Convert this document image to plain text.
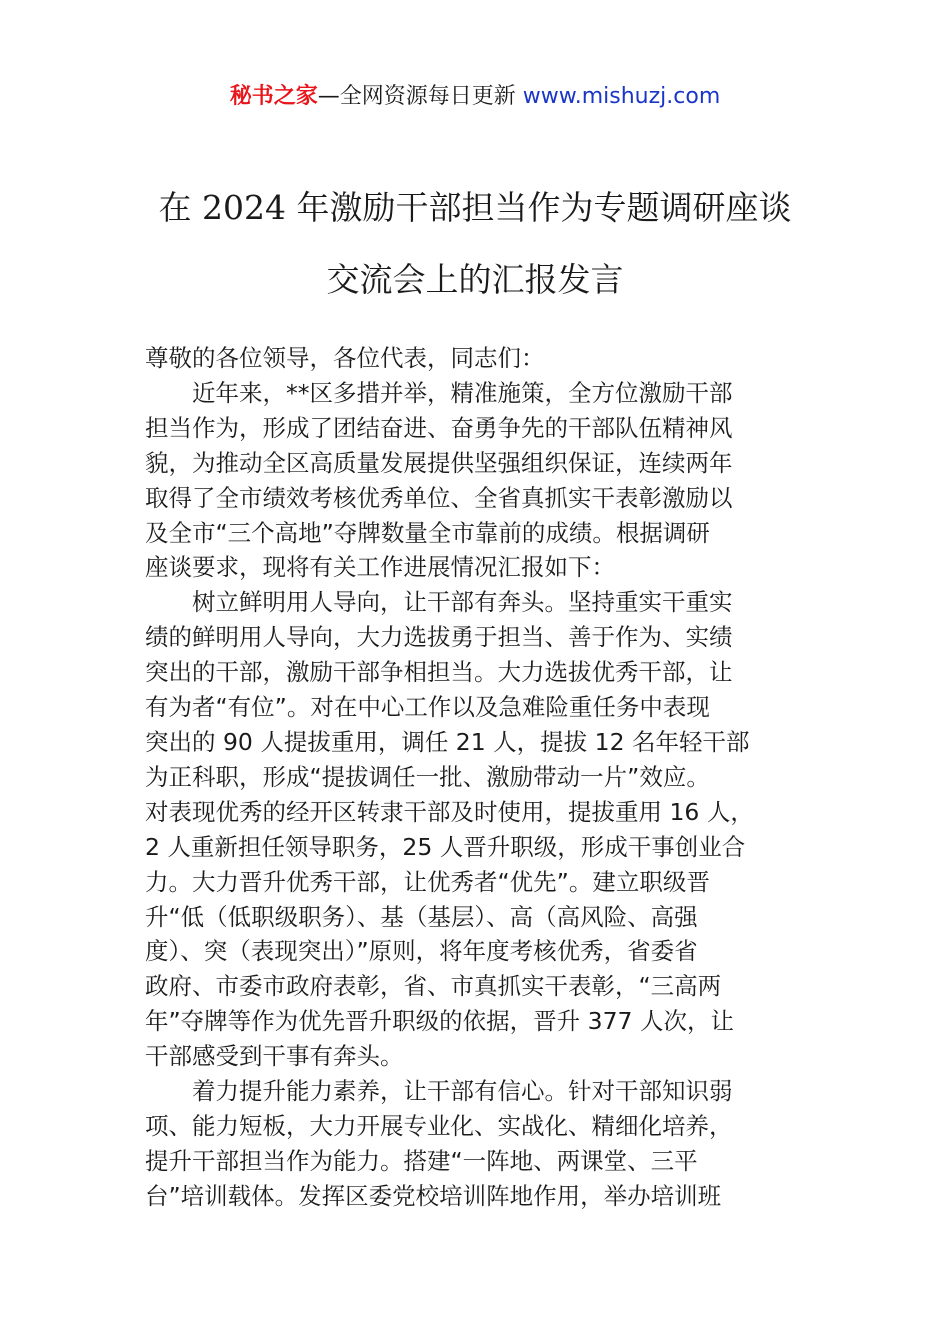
秘书之家—全网资源每日更新 www.mishuzj.com
在 2024 年激励干部担当作为专题调研座谈
交流会上的汇报发言
尊敬的各位领导，各位代表，同志们：
　　近年来，**区多措并举，精准施策，全方位激励干部
担当作为，形成了团结奋进、奋勇争先的干部队伍精神风
貌，为推动全区高质量发展提供坚强组织保证，连续两年
取得了全市绩效考核优秀单位、全省真抓实干表彰激励以
及全市“三个高地”夺牌数量全市靠前的成绩。根据调研
座谈要求，现将有关工作进展情况汇报如下：
　　树立鲜明用人导向，让干部有奔头。坚持重实干重实
绩的鲜明用人导向，大力选拔勇于担当、善于作为、实绩
突出的干部，激励干部争相担当。大力选拔优秀干部，让
有为者“有位”。对在中心工作以及急难险重任务中表现
突出的 90 人提拔重用，调任 21 人，提拔 12 名年轻干部
为正科职，形成“提拔调任一批、激励带动一片”效应。
对表现优秀的经开区转隶干部及时使用，提拔重用 16 人，
2 人重新担任领导职务，25 人晋升职级，形成干事创业合
力。大力晋升优秀干部，让优秀者“优先”。建立职级晋
升“低（低职级职务）、基（基层）、高（高风险、高强
度）、突（表现突出）”原则，将年度考核优秀，省委省
政府、市委市政府表彰，省、市真抓实干表彰，“三高两
年”夺牌等作为优先晋升职级的依据，晋升 377 人次，让
干部感受到干事有奔头。
　　着力提升能力素养，让干部有信心。针对干部知识弱
项、能力短板，大力开展专业化、实战化、精细化培养，
提升干部担当作为能力。搭建“一阵地、两课堂、三平
台”培训载体。发挥区委党校培训阵地作用，举办培训班
